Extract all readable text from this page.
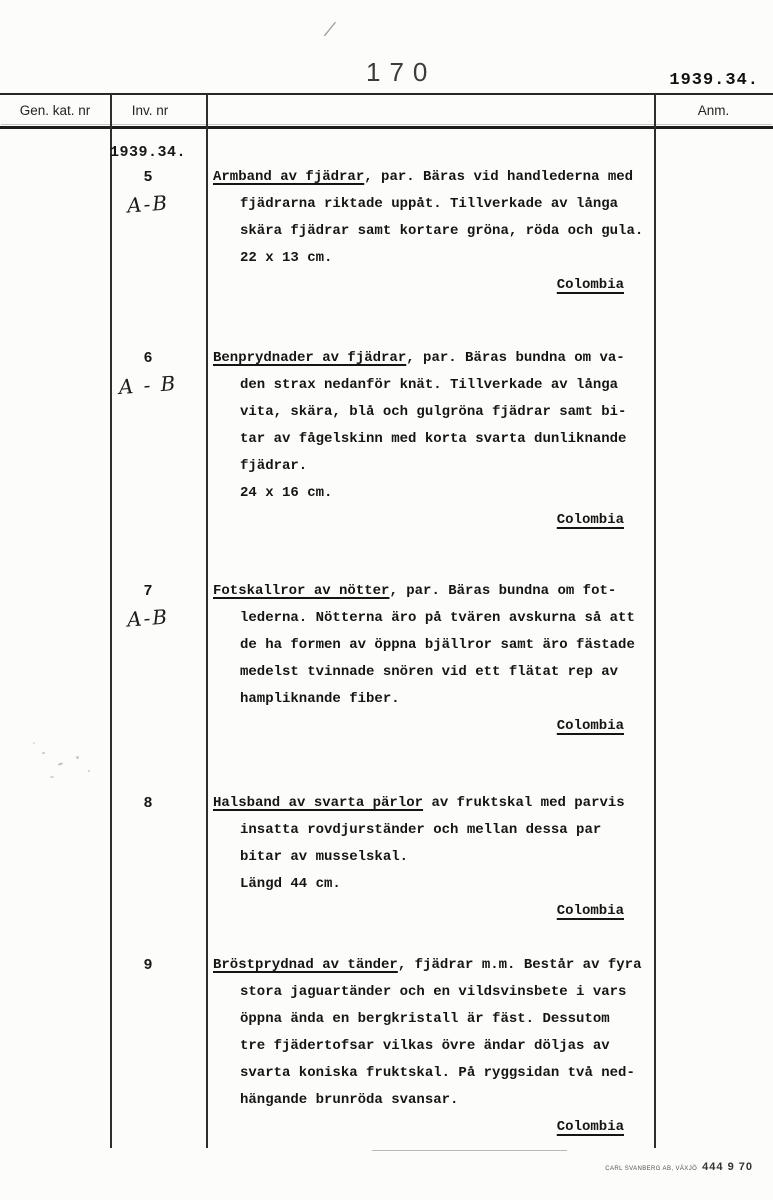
⁄
170	1939.34.
Gen. kat. nr	Inv. nr	Anm.
1939.34.
5
A-B
Armband av fjädrar, par. Bäras vid handlederna med
fjädrarna riktade uppåt. Tillverkade av långa
skära fjädrar samt kortare gröna, röda och gula.
22 x 13 cm.
Colombia
6
A - B
Benprydnader av fjädrar, par. Bäras bundna om va-
den strax nedanför knät. Tillverkade av långa
vita, skära, blå och gulgröna fjädrar samt bi-
tar av fågelskinn med korta svarta dunliknande
fjädrar.
24 x 16 cm.
Colombia
7
A-B
Fotskallror av nötter, par. Bäras bundna om fot-
lederna. Nötterna äro på tvären avskurna så att
de ha formen av öppna bjällror samt äro fästade
medelst tvinnade snören vid ett flätat rep av
hampliknande fiber.
Colombia
8	Halsband av svarta pärlor av fruktskal med parvis
insatta rovdjurständer och mellan dessa par
bitar av musselskal.
Längd 44 cm.
Colombia
9	Bröstprydnad av tänder, fjädrar m.m. Består av fyra
stora jaguartänder och en vildsvinsbete i vars
öppna ända en bergkristall är fäst. Dessutom
tre fjädertofsar vilkas övre ändar döljas av
svarta koniska fruktskal. På ryggsidan två ned-
hängande brunröda svansar.
Colombia
CARL SVANBERG AB, VÄXJÖ 444 9 70
